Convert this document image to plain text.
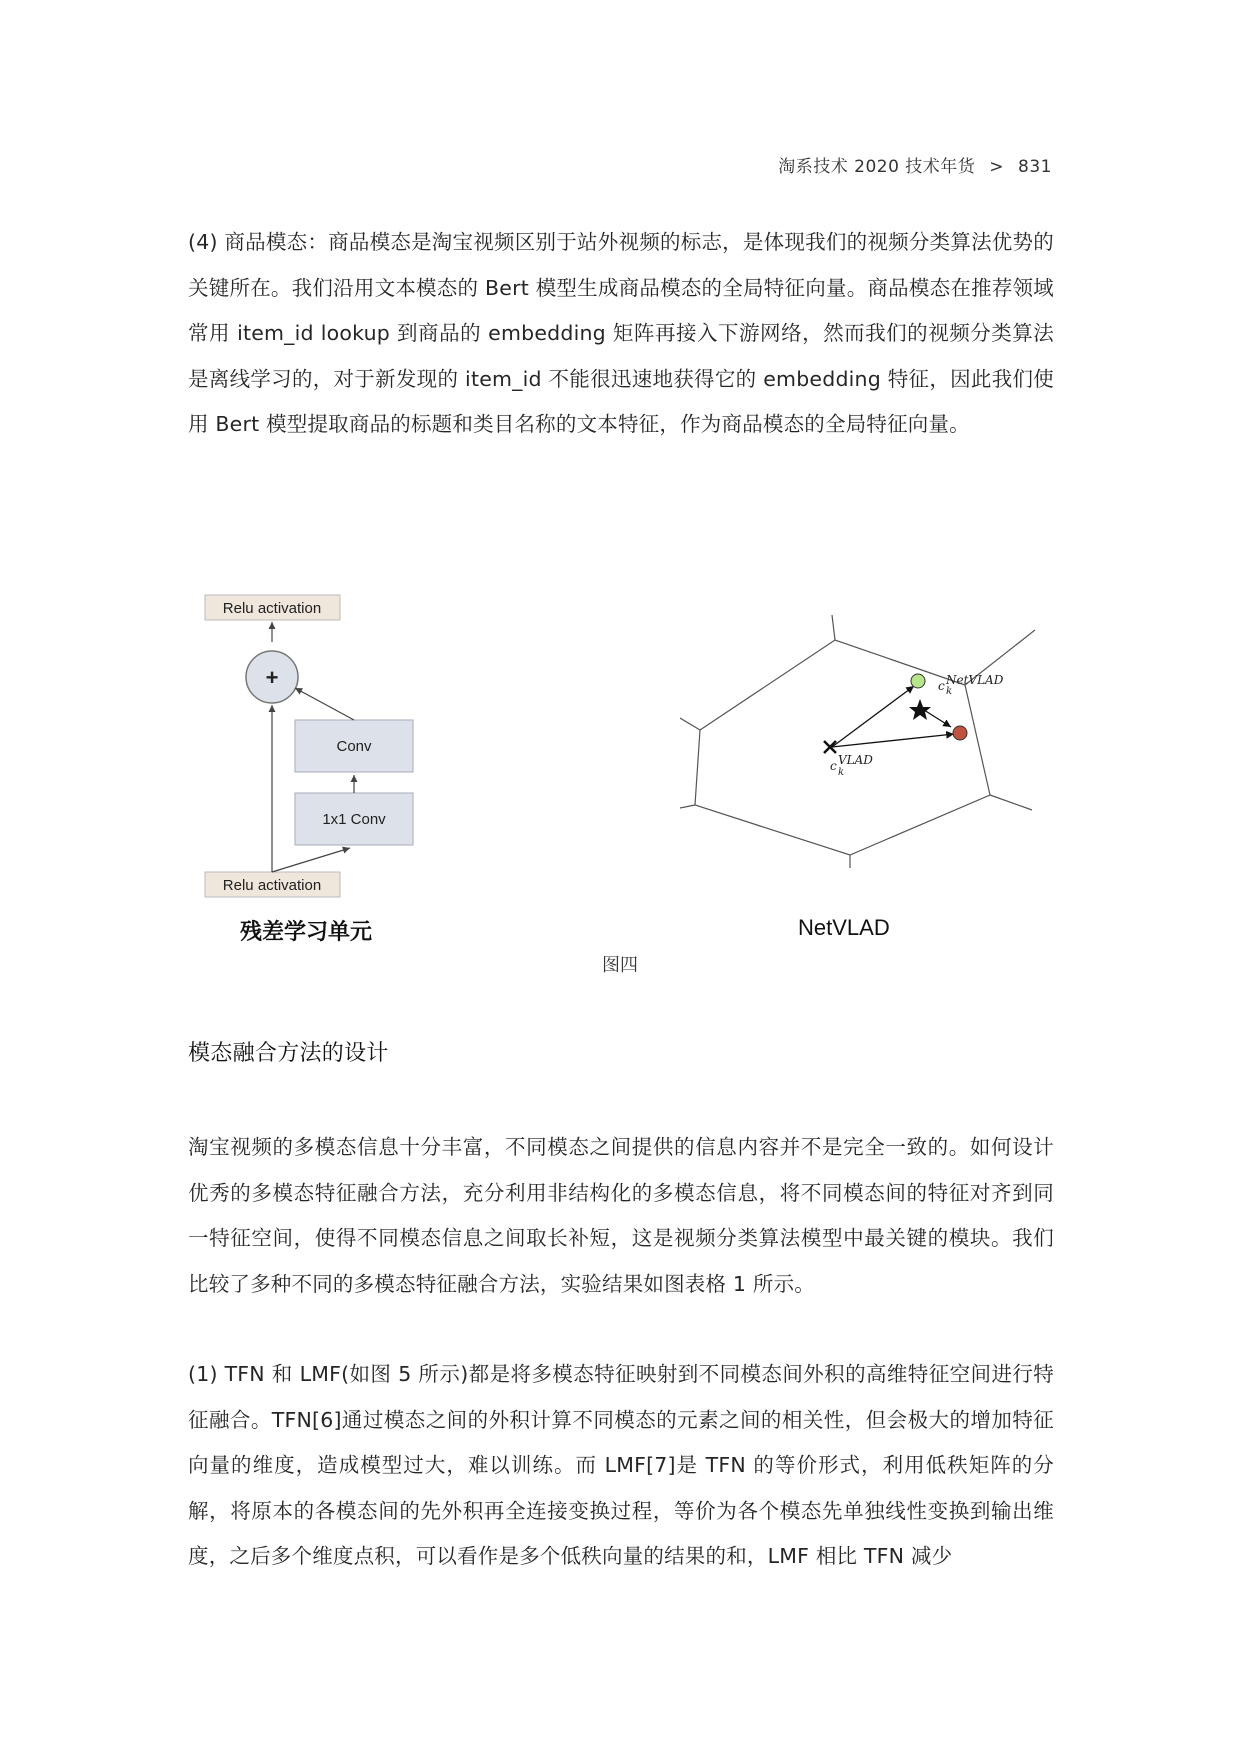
淘系技术 2020 技术年货 > 831

(4) 商品模态：商品模态是淘宝视频区别于站外视频的标志，是体现我们的视频分类算法优势的关键所在。我们沿用文本模态的 Bert 模型生成商品模态的全局特征向量。商品模态在推荐领域常用 item_id lookup 到商品的 embedding 矩阵再接入下游网络，然而我们的视频分类算法是离线学习的，对于新发现的 item_id 不能很迅速地获得它的 embedding 特征，因此我们使用 Bert 模型提取商品的标题和类目名称的文本特征，作为商品模态的全局特征向量。

Relu activation
+
Conv
1x1 Conv
Relu activation
c k
NetVLAD
c k
VLAD
残差学习单元	NetVLAD
图四
模态融合方法的设计

淘宝视频的多模态信息十分丰富，不同模态之间提供的信息内容并不是完全一致的。如何设计优秀的多模态特征融合方法，充分利用非结构化的多模态信息，将不同模态间的特征对齐到同一特征空间，使得不同模态信息之间取长补短，这是视频分类算法模型中最关键的模块。我们比较了多种不同的多模态特征融合方法，实验结果如图表格 1 所示。

(1) TFN 和 LMF(如图 5 所示)都是将多模态特征映射到不同模态间外积的高维特征空间进行特征融合。TFN[6]通过模态之间的外积计算不同模态的元素之间的相关性，但会极大的增加特征向量的维度，造成模型过大，难以训练。而 LMF[7]是 TFN 的等价形式，利用低秩矩阵的分解，将原本的各模态间的先外积再全连接变换过程，等价为各个模态先单独线性变换到输出维度，之后多个维度点积，可以看作是多个低秩向量的结果的和，LMF 相比 TFN 减少
